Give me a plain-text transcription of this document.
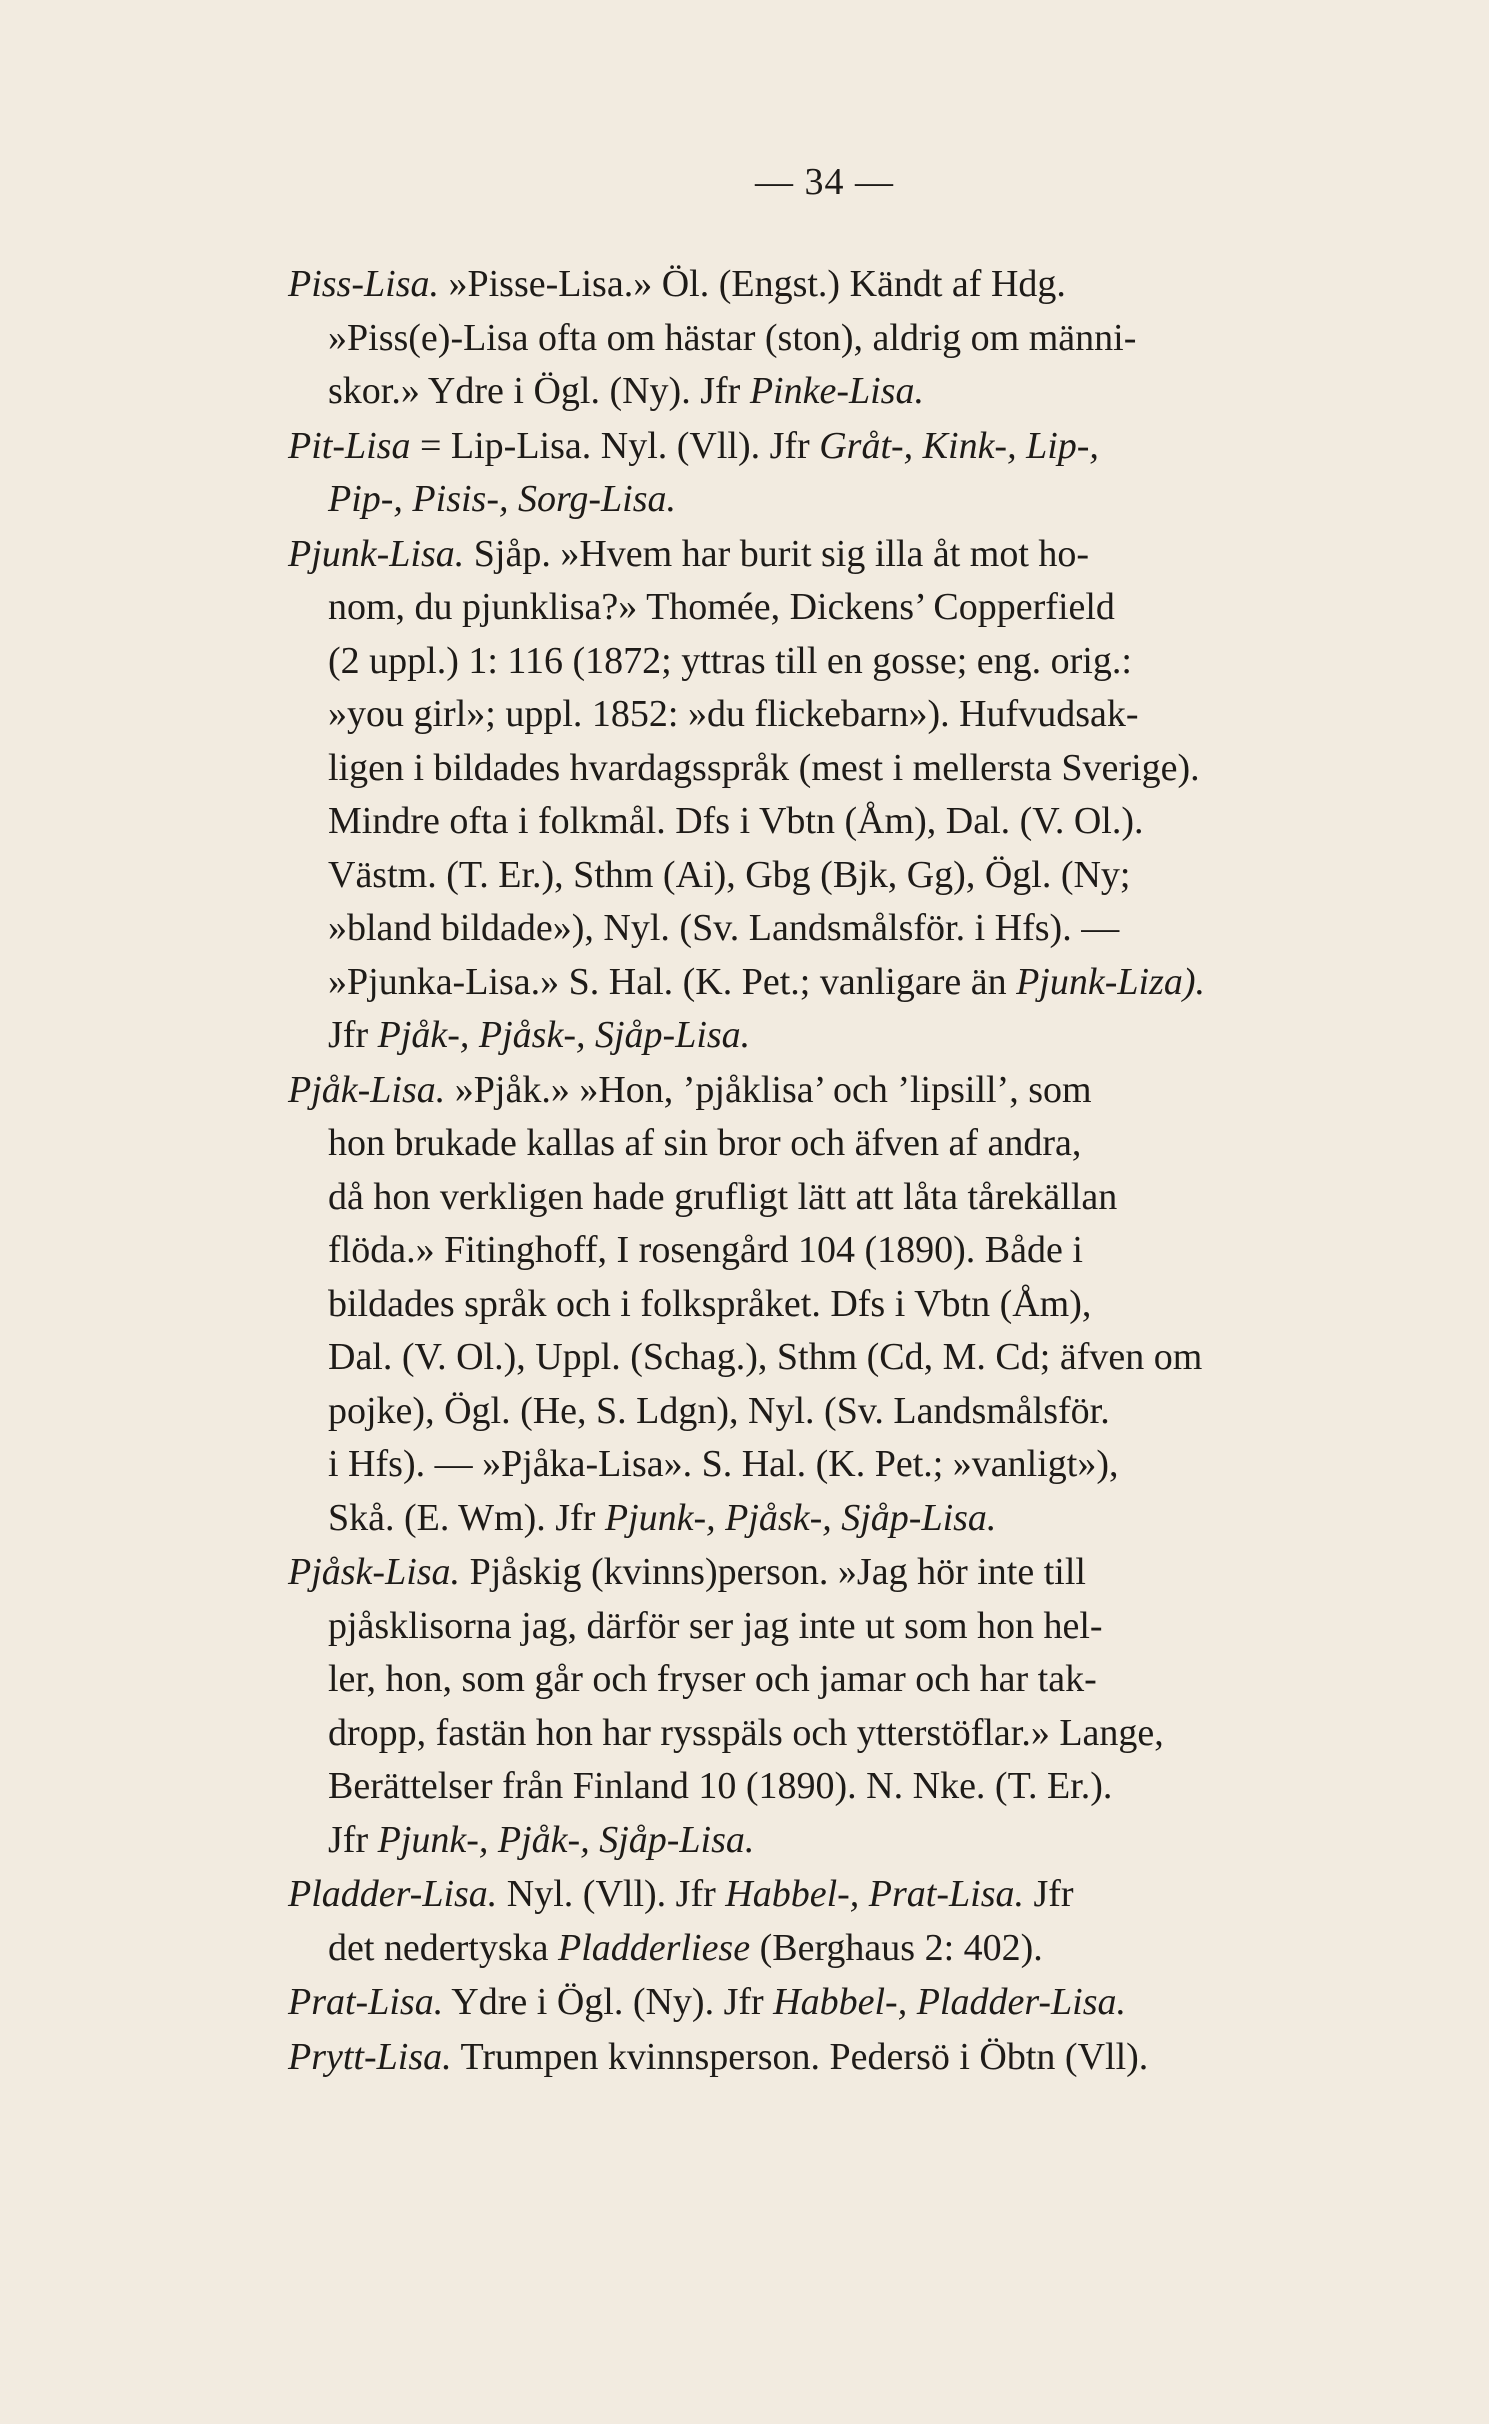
— 34 —
Piss-Lisa. »Pisse-Lisa.» Öl. (Engst.) Kändt af Hdg.
»Piss(e)-Lisa ofta om hästar (ston), aldrig om männi-
skor.» Ydre i Ögl. (Ny). Jfr Pinke-Lisa.
Pit-Lisa = Lip-Lisa. Nyl. (Vll). Jfr Gråt-, Kink-, Lip-,
Pip-, Pisis-, Sorg-Lisa.
Pjunk-Lisa. Sjåp. »Hvem har burit sig illa åt mot ho-
nom, du pjunklisa?» Thomée, Dickens’ Copperfield
(2 uppl.) 1: 116 (1872; yttras till en gosse; eng. orig.:
»you girl»; uppl. 1852: »du flickebarn»). Hufvudsak-
ligen i bildades hvardagsspråk (mest i mellersta Sverige).
Mindre ofta i folkmål. Dfs i Vbtn (Åm), Dal. (V. Ol.).
Västm. (T. Er.), Sthm (Ai), Gbg (Bjk, Gg), Ögl. (Ny;
»bland bildade»), Nyl. (Sv. Landsmålsför. i Hfs). —
»Pjunka-Lisa.» S. Hal. (K. Pet.; vanligare än Pjunk-Liza).
Jfr Pjåk-, Pjåsk-, Sjåp-Lisa.
Pjåk-Lisa. »Pjåk.» »Hon, ’pjåklisa’ och ’lipsill’, som
hon brukade kallas af sin bror och äfven af andra,
då hon verkligen hade grufligt lätt att låta tårekällan
flöda.» Fitinghoff, I rosengård 104 (1890). Både i
bildades språk och i folkspråket. Dfs i Vbtn (Åm),
Dal. (V. Ol.), Uppl. (Schag.), Sthm (Cd, M. Cd; äfven om
pojke), Ögl. (He, S. Ldgn), Nyl. (Sv. Landsmålsför.
i Hfs). — »Pjåka-Lisa». S. Hal. (K. Pet.; »vanligt»),
Skå. (E. Wm). Jfr Pjunk-, Pjåsk-, Sjåp-Lisa.
Pjåsk-Lisa. Pjåskig (kvinns)person. »Jag hör inte till
pjåsklisorna jag, därför ser jag inte ut som hon hel-
ler, hon, som går och fryser och jamar och har tak-
dropp, fastän hon har rysspäls och ytterstöflar.» Lange,
Berättelser från Finland 10 (1890). N. Nke. (T. Er.).
Jfr Pjunk-, Pjåk-, Sjåp-Lisa.
Pladder-Lisa. Nyl. (Vll). Jfr Habbel-, Prat-Lisa. Jfr
det nedertyska Pladderliese (Berghaus 2: 402).
Prat-Lisa. Ydre i Ögl. (Ny). Jfr Habbel-, Pladder-Lisa.
Prytt-Lisa. Trumpen kvinnsperson. Pedersö i Öbtn (Vll).
